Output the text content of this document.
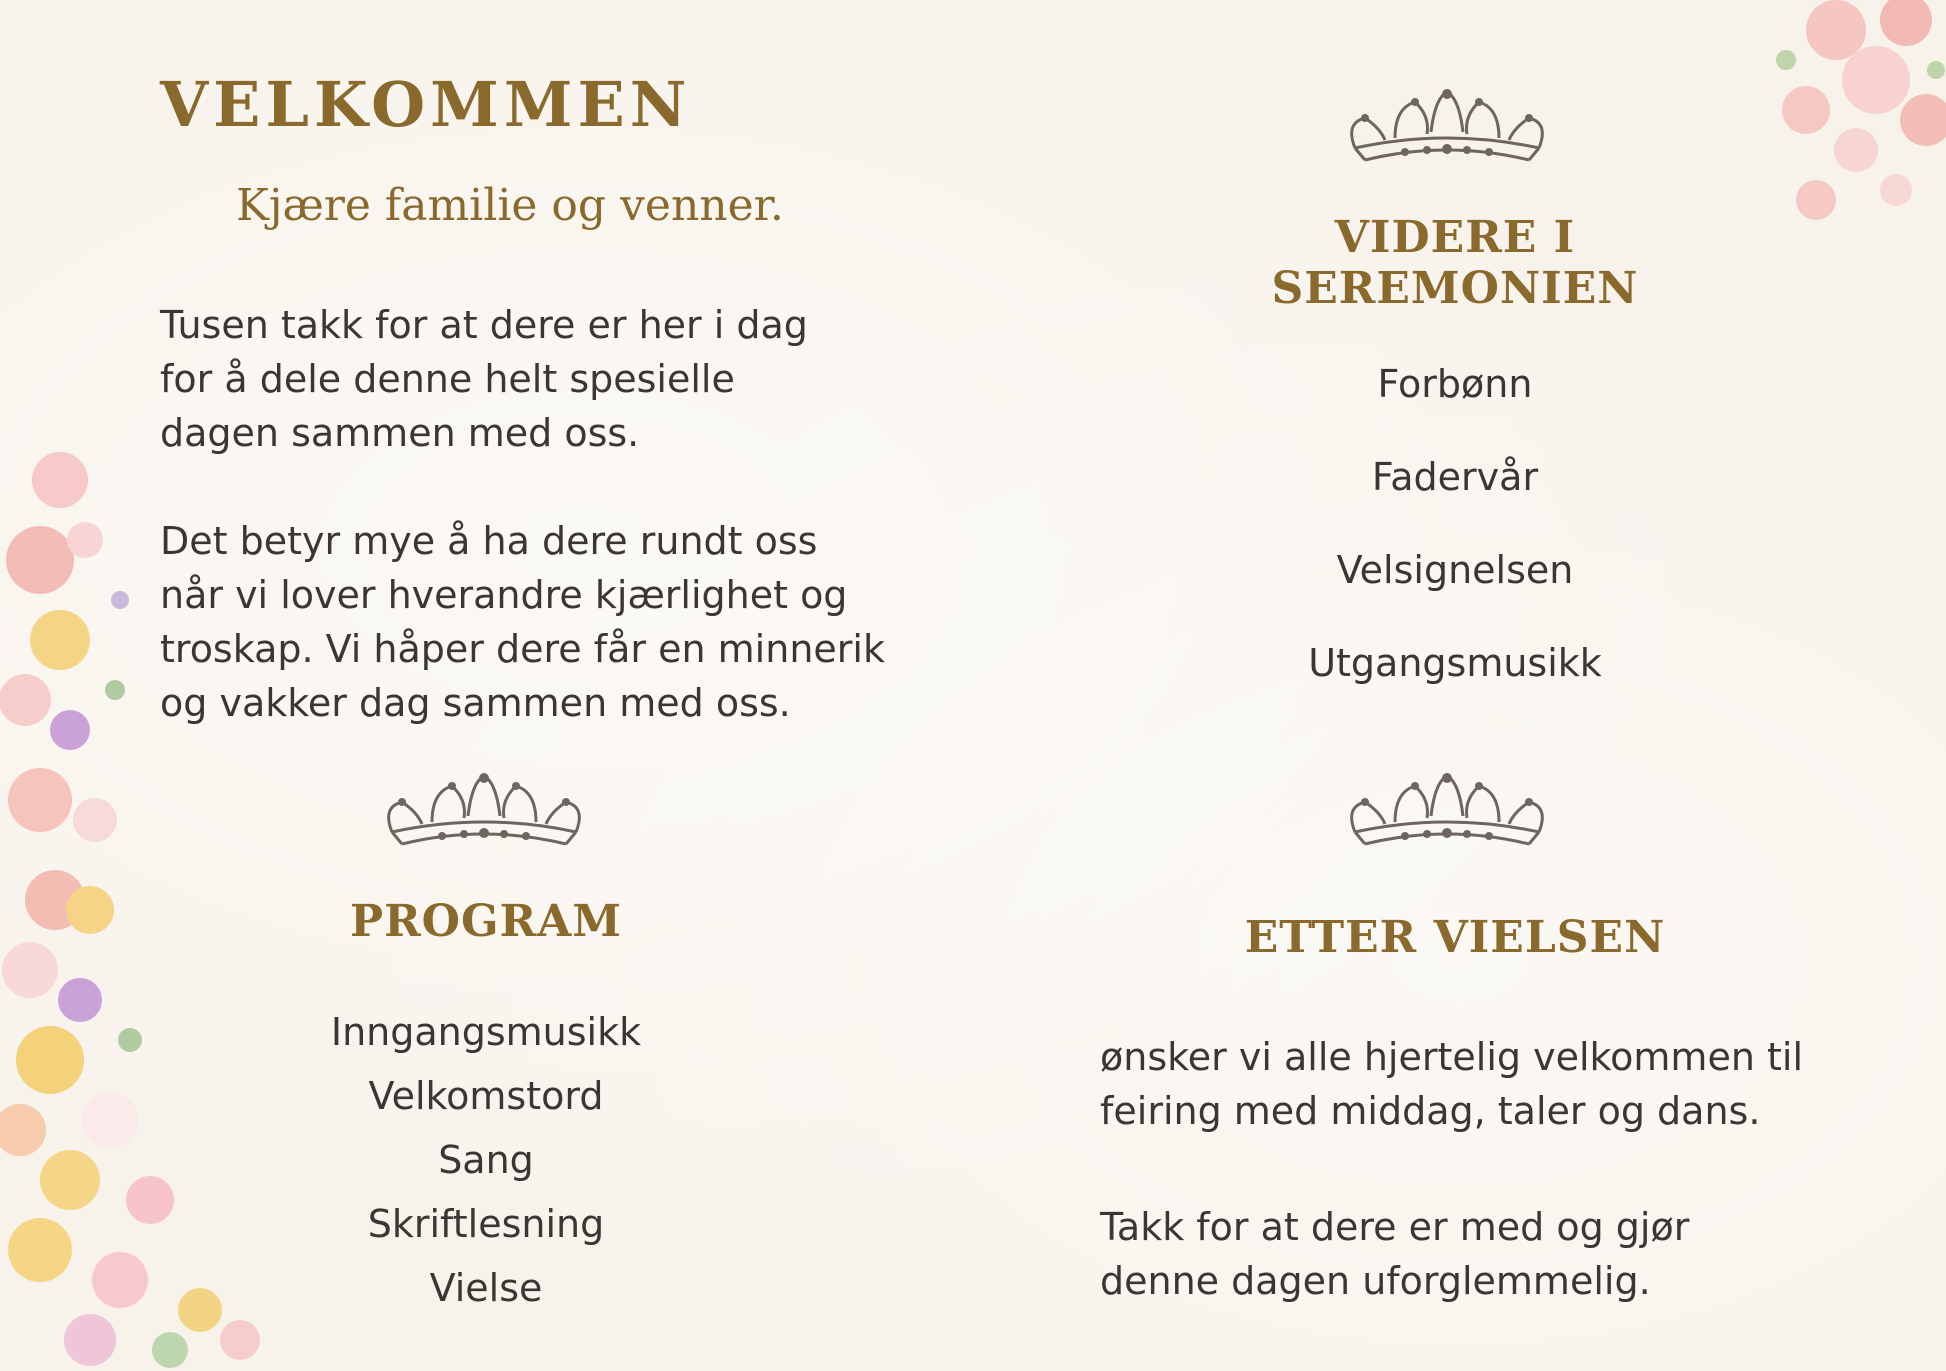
VELKOMMEN
Kjære familie og venner.

Tusen takk for at dere er her i dag

for å dele denne helt spesielle

dagen sammen med oss.

Det betyr mye å ha dere rundt oss

når vi lover hverandre kjærlighet og

troskap. Vi håper dere får en minnerik

og vakker dag sammen med oss.

PROGRAM
Inngangsmusikk
Velkomstord
Sang
Skriftlesning
Vielse
VIDERE I SEREMONIEN
Forbønn
Fadervår
Velsignelsen
Utgangsmusikk
ETTER VIELSEN

ønsker vi alle hjertelig velkommen til

feiring med middag, taler og dans.

Takk for at dere er med og gjør

denne dagen uforglemmelig.
